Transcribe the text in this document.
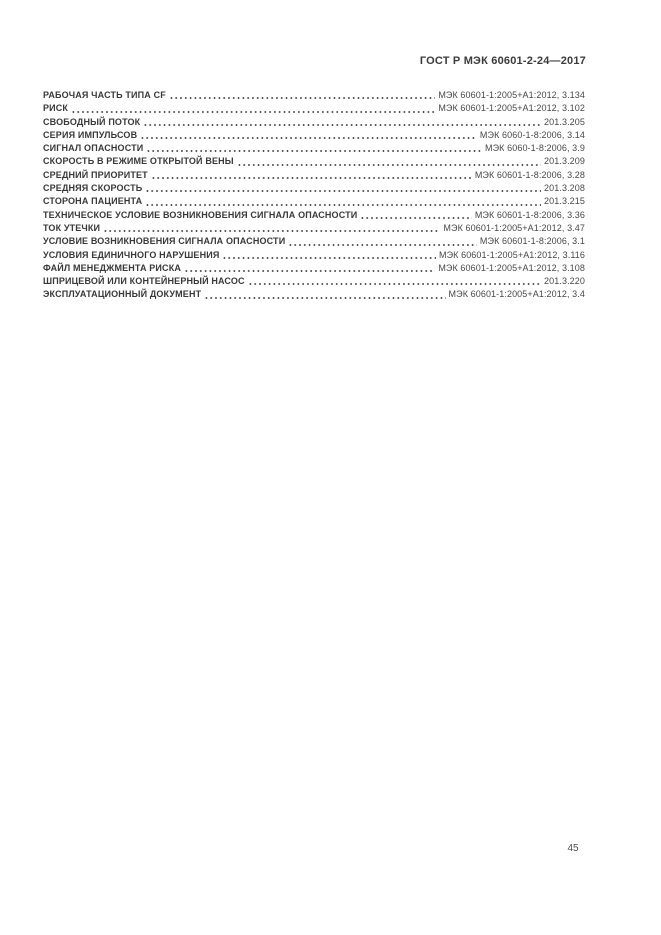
ГОСТ Р МЭК 60601-2-24—2017
РАБОЧАЯ ЧАСТЬ ТИПА CF	МЭК 60601-1:2005+А1:2012, 3.134
РИСК	МЭК 60601-1:2005+А1:2012, 3.102
СВОБОДНЫЙ ПОТОК	201.3.205
СЕРИЯ ИМПУЛЬСОВ	МЭК 6060-1-8:2006, 3.14
СИГНАЛ ОПАСНОСТИ	МЭК 6060-1-8:2006, 3.9
СКОРОСТЬ В РЕЖИМЕ ОТКРЫТОЙ ВЕНЫ	201.3.209
СРЕДНИЙ ПРИОРИТЕТ	МЭК 60601-1-8:2006, 3.28
СРЕДНЯЯ СКОРОСТЬ	201.3.208
СТОРОНА ПАЦИЕНТА	201.3.215
ТЕХНИЧЕСКОЕ УСЛОВИЕ ВОЗНИКНОВЕНИЯ СИГНАЛА ОПАСНОСТИ	МЭК 60601-1-8:2006, 3.36
ТОК УТЕЧКИ	МЭК 60601-1:2005+А1:2012, 3.47
УСЛОВИЕ ВОЗНИКНОВЕНИЯ СИГНАЛА ОПАСНОСТИ	МЭК 60601-1-8:2006, 3.1
УСЛОВИЯ ЕДИНИЧНОГО НАРУШЕНИЯ	МЭК 60601-1:2005+А1:2012, 3.116
ФАЙЛ МЕНЕДЖМЕНТА РИСКА	МЭК 60601-1:2005+А1:2012, 3.108
ШПРИЦЕВОЙ ИЛИ КОНТЕЙНЕРНЫЙ НАСОС	201.3.220
ЭКСПЛУАТАЦИОННЫЙ ДОКУМЕНТ	МЭК 60601-1:2005+А1:2012, 3.4
45
